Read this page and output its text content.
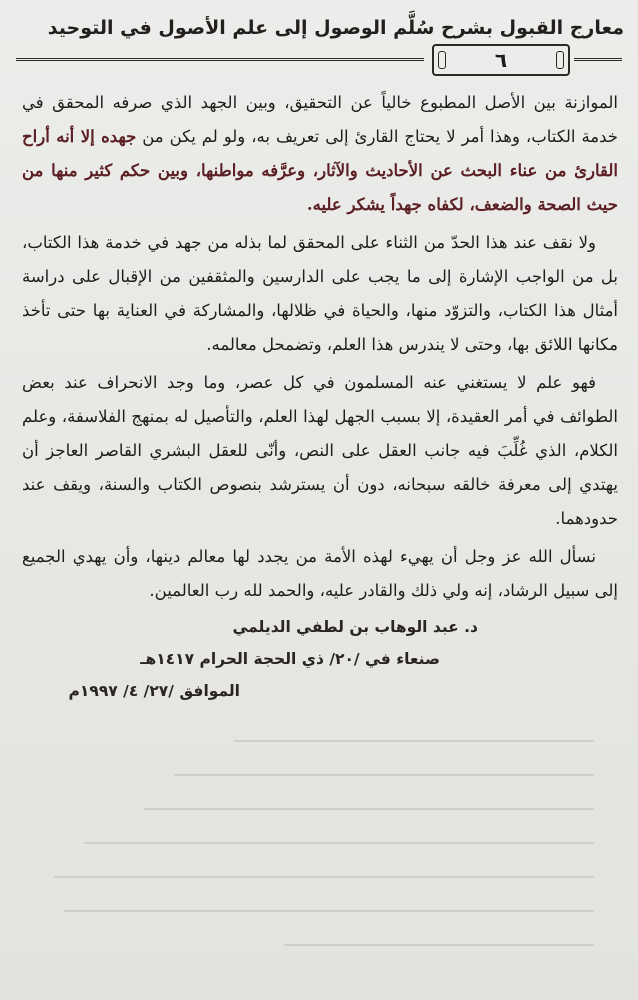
معارج القبول بشرح سُلَّم الوصول إلى علم الأصول في التوحيد
٦

الموازنة بين الأصل المطبوع خالياً عن التحقيق، وبين الجهد الذي صرفه المحقق في خدمة الكتاب، وهذا أمر لا يحتاج القارئ إلى تعريف به، ولو لم يكن من جهده إلا أنه أراح القارئ من عناء البحث عن الأحاديث والآثار، وعرَّفه مواطنها، وبين حكم كثير منها من حيث الصحة والضعف، لكفاه جهداً يشكر عليه.

ولا نقف عند هذا الحدّ من الثناء على المحقق لما بذله من جهد في خدمة هذا الكتاب، بل من الواجب الإشارة إلى ما يجب على الدارسين والمثقفين من الإقبال على دراسة أمثال هذا الكتاب، والتزوّد منها، والحياة في ظلالها، والمشاركة في العناية بها حتى تأخذ مكانها اللائق بها، وحتى لا يندرس هذا العلم، وتضمحل معالمه.

فهو علم لا يستغني عنه المسلمون في كل عصر، وما وجد الانحراف عند بعض الطوائف في أمر العقيدة، إلا بسبب الجهل لهذا العلم، والتأصيل له بمنهج الفلاسفة، وعلم الكلام، الذي غُلِّبَ فيه جانب العقل على النص، وأنّى للعقل البشري القاصر العاجز أن يهتدي إلى معرفة خالقه سبحانه، دون أن يسترشد بنصوص الكتاب والسنة، ويقف عند حدودهما.

نسأل الله عز وجل أن يهيء لهذه الأمة من يجدد لها معالم دينها، وأن يهدي الجميع إلى سبيل الرشاد، إنه ولي ذلك والقادر عليه، والحمد لله رب العالمين.

د. عبد الوهاب بن لطفي الديلمي
صنعاء في /٢٠/ ذي الحجة الحرام ١٤١٧هـ
الموافق /٢٧/ ٤/ ١٩٩٧م
